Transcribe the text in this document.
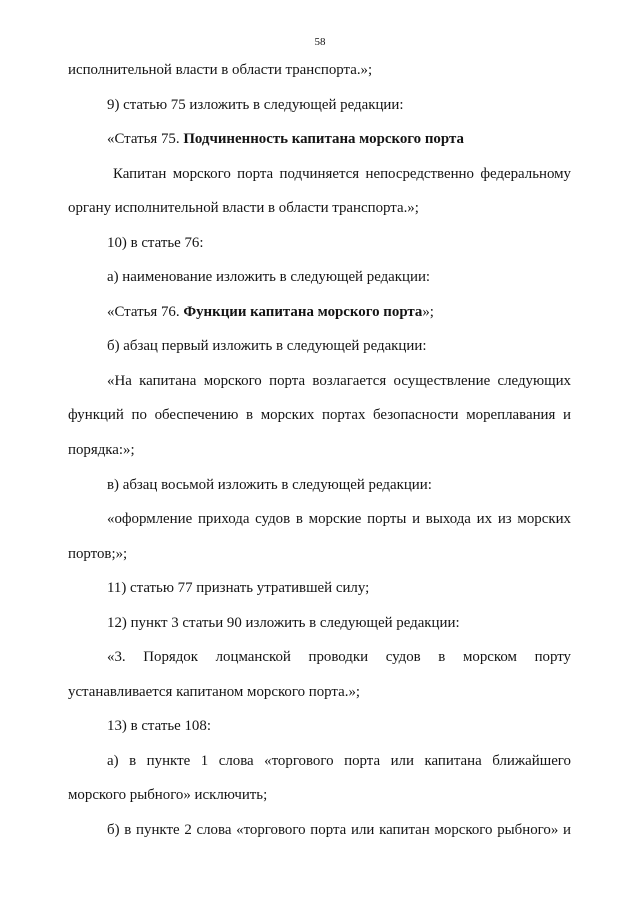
58
исполнительной власти в области транспорта.»;
9) статью 75 изложить в следующей редакции:
«Статья 75. Подчиненность капитана морского порта
Капитан морского порта подчиняется непосредственно федеральному
органу исполнительной власти в области транспорта.»;
10) в статье 76:
а) наименование изложить в следующей редакции:
«Статья 76. Функции капитана морского порта»;
б) абзац первый изложить в следующей редакции:
«На капитана морского порта возлагается осуществление следующих
функций по обеспечению в морских портах безопасности мореплавания и
порядка:»;
в) абзац восьмой изложить в следующей редакции:
«оформление прихода судов в морские порты и выхода их из морских
портов;»;
11) статью 77 признать утратившей силу;
12) пункт 3 статьи 90 изложить в следующей редакции:
«3. Порядок лоцманской проводки судов в морском порту
устанавливается капитаном морского порта.»;
13) в статье 108:
а) в пункте 1 слова «торгового порта или капитана ближайшего
морского рыбного» исключить;
б) в пункте 2 слова «торгового порта или капитан морского рыбного» и
